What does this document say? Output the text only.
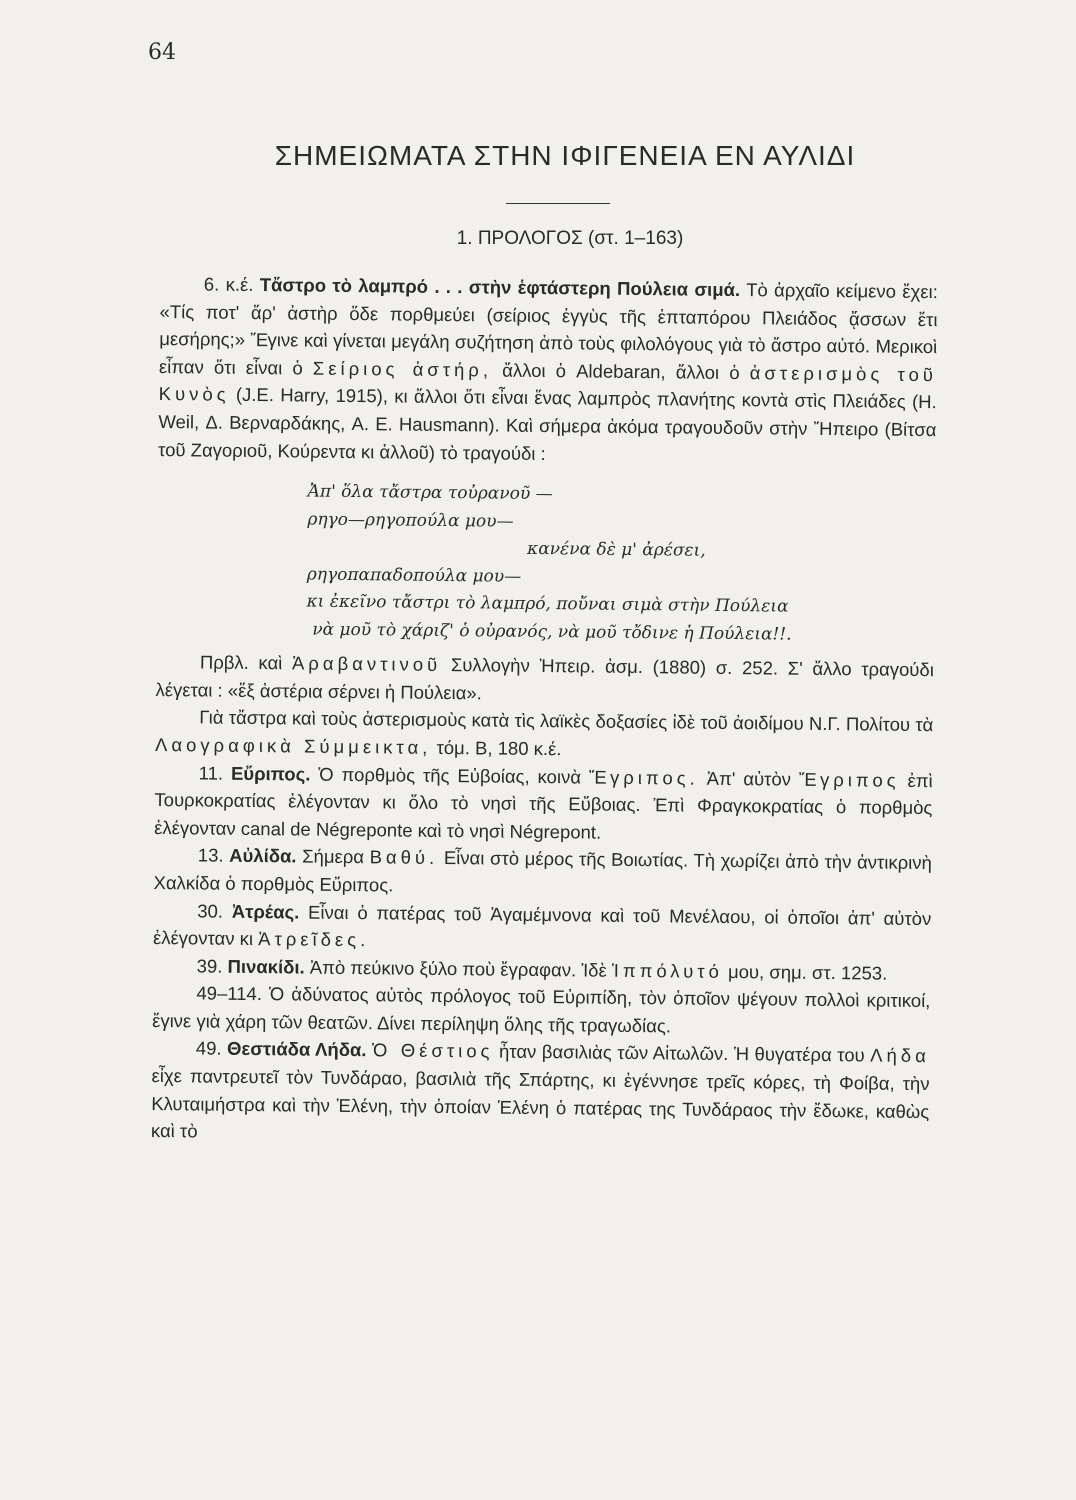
64
ΣΗΜΕΙΩΜΑΤΑ ΣΤΗΝ ΙΦΙΓΕΝΕΙΑ ΕΝ ΑΥΛΙΔΙ
1. ΠΡΟΛΟΓΟΣ (στ. 1–163)

6. κ.έ. Τἄστρο τὸ λαμπρό . . . στὴν ἑφτάστερη Πούλεια σιμά. Τὸ ἀρχαῖο κείμενο ἔχει: «Τίς ποτ' ἄρ' ἀστὴρ ὅδε πορθμεύει (σείριος ἐγγὺς τῆς ἑπταπόρου Πλειάδος ᾄσσων ἔτι μεσήρης;» Ἔγινε καὶ γίνεται μεγάλη συζήτηση ἀπὸ τοὺς φιλολόγους γιὰ τὸ ἄστρο αὐτό. Μερικοὶ εἶπαν ὅτι εἶναι ὁ Σείριος ἀστήρ, ἄλλοι ὁ Aldebaran, ἄλλοι ὁ ἀστερισμὸς τοῦ Κυνὸς (J.E. Harry, 1915), κι ἄλλοι ὅτι εἶναι ἕνας λαμπρὸς πλανήτης κοντὰ στὶς Πλειάδες (H. Weil, Δ. Βερναρδάκης, A. E. Hausmann). Καὶ σήμερα ἀκόμα τραγουδοῦν στὴν Ἤπειρο (Βίτσα τοῦ Ζαγοριοῦ, Κούρεντα κι ἀλλοῦ) τὸ τραγούδι :

Ἀπ' ὅλα τἄστρα τοὐρανοῦ —
ρηγο—ρηγοπούλα μου—
κανένα δὲ μ' ἀρέσει,
ρηγοπαπαδοπούλα μου—
κι ἐκεῖνο τἄστρι τὸ λαμπρό, ποὔναι σιμὰ στὴν Πούλεια
νὰ μοῦ τὸ χάριζ' ὁ οὐρανός, νὰ μοῦ τὄδινε ἡ Πούλεια!!.

Πρβλ. καὶ Ἀραβαντινοῦ Συλλογὴν Ἠπειρ. ἀσμ. (1880) σ. 252. Σ' ἄλλο τραγούδι λέγεται : «ἕξ ἀστέρια σέρνει ἡ Πούλεια».

Γιὰ τἄστρα καὶ τοὺς ἀστερισμοὺς κατὰ τὶς λαϊκὲς δοξασίες ἰδὲ τοῦ ἀοιδίμου Ν.Γ. Πολίτου τὰ Λαογραφικὰ Σύμμεικτα, τόμ. Β, 180 κ.έ.

11. Εὔριπος. Ὁ πορθμὸς τῆς Εὐβοίας, κοινὰ Ἔγριπος. Ἀπ' αὐτὸν Ἔγριπος ἐπὶ Τουρκοκρατίας ἐλέγονταν κι ὅλο τὸ νησὶ τῆς Εὔβοιας. Ἐπὶ Φραγκοκρατίας ὁ πορθμὸς ἐλέγονταν canal de Négreponte καὶ τὸ νησὶ Négrepont.

13. Αὐλίδα. Σήμερα Βαθύ. Εἶναι στὸ μέρος τῆς Βοιωτίας. Τὴ χωρίζει ἀπὸ τὴν ἀντικρινὴ Χαλκίδα ὁ πορθμὸς Εὔριπος.

30. Ἀτρέας. Εἶναι ὁ πατέρας τοῦ Ἀγαμέμνονα καὶ τοῦ Μενέλαου, οἱ ὁποῖοι ἀπ' αὐτὸν ἐλέγονταν κι Ἀτρεῖδες.

39. Πινακίδι. Ἀπὸ πεύκινο ξύλο ποὺ ἔγραφαν. Ἰδὲ Ἱππόλυτό μου, σημ. στ. 1253.

49–114. Ὁ ἀδύνατος αὐτὸς πρόλογος τοῦ Εὐριπίδη, τὸν ὁποῖον ψέγουν πολλοὶ κριτικοί, ἔγινε γιὰ χάρη τῶν θεατῶν. Δίνει περίληψη ὅλης τῆς τραγωδίας.

49. Θεστιάδα Λήδα. Ὁ Θέστιος ἦταν βασιλιὰς τῶν Αἰτωλῶν. Ἡ θυγατέρα του Λήδα εἶχε παντρευτεῖ τὸν Τυνδάραο, βασιλιὰ τῆς Σπάρτης, κι ἐγέννησε τρεῖς κόρες, τὴ Φοίβα, τὴν Κλυταιμήστρα καὶ τὴν Ἑλένη, τὴν ὁποίαν Ἑλένη ὁ πατέρας της Τυνδάραος τὴν ἔδωκε, καθὼς καὶ τὸ
